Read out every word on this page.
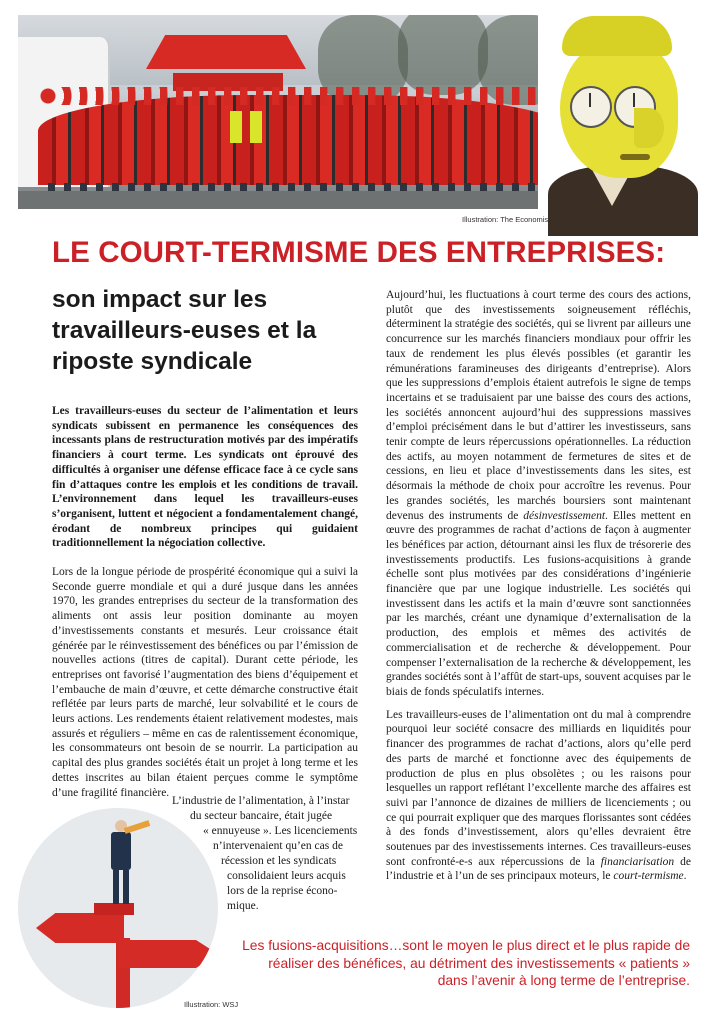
Illustration: The Economist
LE COURT-TERMISME DES ENTREPRISES:
son impact sur les travailleurs-euses et la riposte syndicale

Les travailleurs-euses du secteur de l’alimentation et leurs syndicats subissent en permanence les conséquences des incessants plans de restructuration motivés par des impératifs financiers à court terme. Les syndicats ont éprouvé des difficultés à organiser une défense efficace face à ce cycle sans fin d’attaques contre les emplois et les conditions de travail. L’environnement dans lequel les travailleurs-euses s’organisent, luttent et négocient a fondamentalement changé, érodant de nombreux principes qui guidaient traditionnellement la négociation collective.

Lors de la longue période de prospérité économique qui a suivi la Seconde guerre mondiale et qui a duré jusque dans les années 1970, les grandes entreprises du secteur de la transformation des aliments ont assis leur position dominante au moyen d’investissements constants et mesurés. Leur croissance était générée par le réinvestissement des bénéfices ou par l’émission de nouvelles actions (titres de capital). Durant cette période, les entreprises ont favorisé l’augmentation des biens d’équipement et l’embauche de main d’œuvre, et cette démarche constructive était reflétée par leurs parts de marché, leur solvabilité et le cours de leurs actions. Les rendements étaient relativement modestes, mais assurés et réguliers – même en cas de ralentissement économique, les consommateurs ont besoin de se nourrir. La participation au capital des plus grandes sociétés était un projet à long terme et les dettes inscrites au bilan étaient perçues comme le symptôme d’une fragilité financière.

L’industrie de l’alimentation, à l’instar
du secteur bancaire, était jugée
« ennuyeuse ». Les licenciements
n’intervenaient qu’en cas de
récession et les syndicats
consolidaient leurs acquis
lors de la reprise écono-
mique.

Aujourd’hui, les fluctuations à court terme des cours des actions, plutôt que des investissements soigneusement réfléchis, déterminent la stratégie des sociétés, qui se livrent par ailleurs une concurrence sur les marchés financiers mondiaux pour offrir les taux de rendement les plus élevés possibles (et garantir les rémunérations faramineuses des dirigeants d’entreprise). Alors que les suppressions d’emplois étaient autrefois le signe de temps incertains et se traduisaient par une baisse des cours des actions, les sociétés annoncent aujourd’hui des suppressions massives d’emploi précisément dans le but d’attirer les investisseurs, sans tenir compte de leurs répercussions opérationnelles. La réduction des actifs, au moyen notamment de fermetures de sites et de cessions, en lieu et place d’investissements dans les sites, est désormais la méthode de choix pour accroître les revenus. Pour les grandes sociétés, les marchés boursiers sont maintenant devenus des instruments de désinvestissement. Elles mettent en œuvre des programmes de rachat d’actions de façon à augmenter les bénéfices par action, détournant ainsi les flux de trésorerie des investissements productifs. Les fusions-acquisitions à grande échelle sont plus motivées par des considérations d’ingénierie financière que par une logique industrielle. Les sociétés qui investissent dans les actifs et la main d’œuvre sont sanctionnées par les marchés, créant une dynamique d’externalisation de la production, des emplois et mêmes des activités de commercialisation et de recherche & développement. Pour compenser l’externalisation de la recherche & développement, les grandes sociétés sont à l’affût de start-ups, souvent acquises par le biais de fonds spéculatifs internes.

Les travailleurs-euses de l’alimentation ont du mal à comprendre pourquoi leur société consacre des milliards en liquidités pour financer des programmes de rachat d’actions, alors qu’elle perd des parts de marché et fonctionne avec des équipements de production de plus en plus obsolètes ; ou les raisons pour lesquelles un rapport reflétant l’excellente marche des affaires est suivi par l’annonce de dizaines de milliers de licenciements ; ou ce qui pourrait expliquer que des marques florissantes sont cédées à des fonds d’investissement, alors qu’elles devraient être soutenues par des investissements internes. Ces travailleurs-euses sont confronté-e-s aux répercussions de la financiarisation de l’industrie et à l’un de ses principaux moteurs, le court-termisme.

Illustration: WSJ

Les fusions-acquisitions…sont le moyen le plus direct et le plus rapide de réaliser des bénéfices, au détriment des investissements « patients » dans l’avenir à long terme de l’entreprise.
